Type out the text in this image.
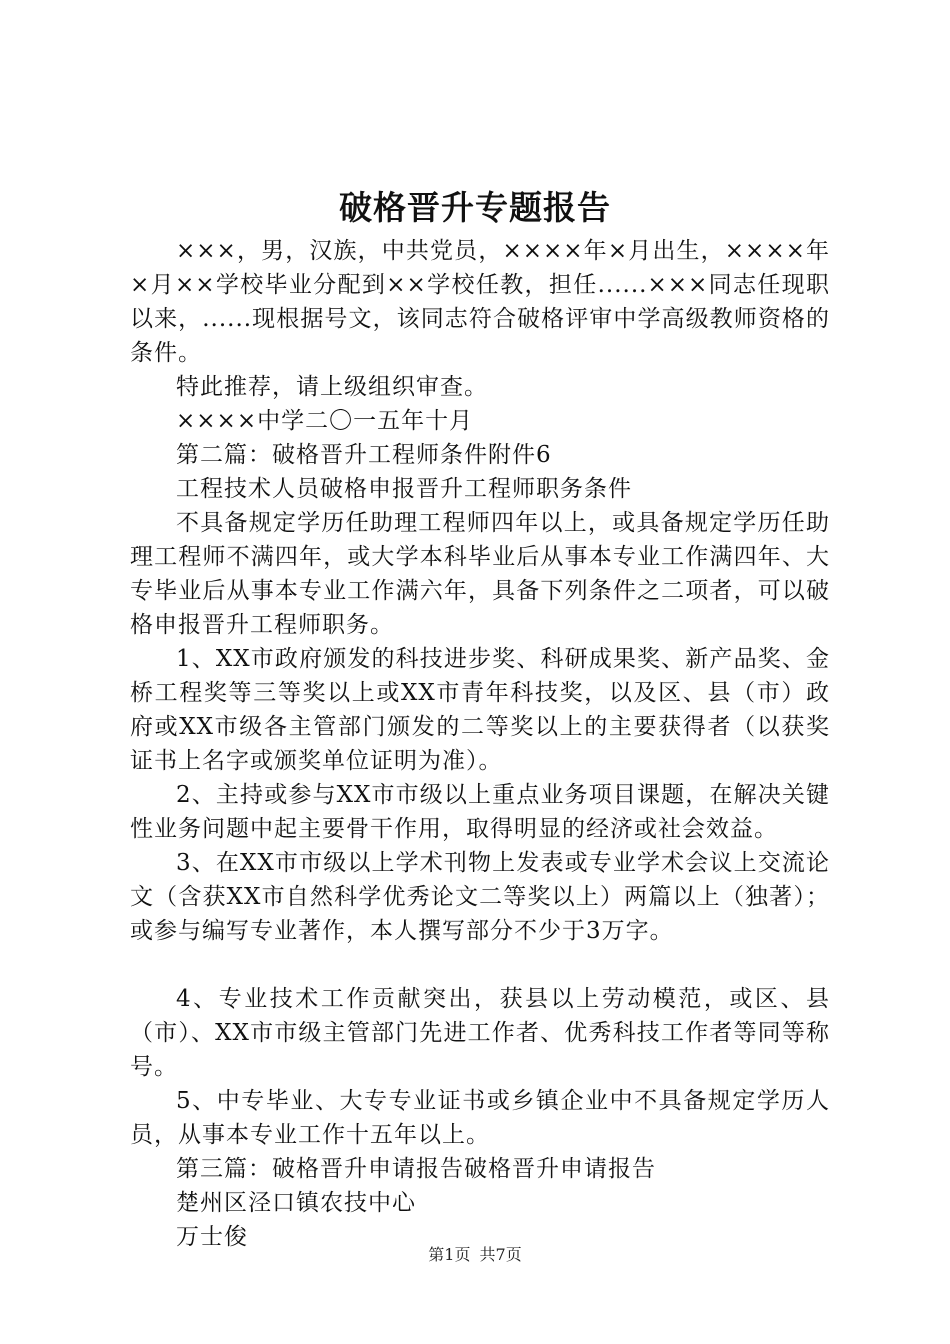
破格晋升专题报告

×××，男，汉族，中共党员，××××年×月出生，××××年×月××学校毕业分配到××学校任教，担任......×××同志任现职以来，......现根据号文，该同志符合破格评审中学高级教师资格的条件。

特此推荐，请上级组织审查。

××××中学二〇一五年十月

第二篇：破格晋升工程师条件附件6

工程技术人员破格申报晋升工程师职务条件

不具备规定学历任助理工程师四年以上，或具备规定学历任助理工程师不满四年，或大学本科毕业后从事本专业工作满四年、大专毕业后从事本专业工作满六年，具备下列条件之二项者，可以破格申报晋升工程师职务。

1、XX市政府颁发的科技进步奖、科研成果奖、新产品奖、金桥工程奖等三等奖以上或XX市青年科技奖，以及区、县（市）政府或XX市级各主管部门颁发的二等奖以上的主要获得者（以获奖证书上名字或颁奖单位证明为准）。

2、主持或参与XX市市级以上重点业务项目课题，在解决关键性业务问题中起主要骨干作用，取得明显的经济或社会效益。

3、在XX市市级以上学术刊物上发表或专业学术会议上交流论文（含获XX市自然科学优秀论文二等奖以上）两篇以上（独著）；或参与编写专业著作，本人撰写部分不少于3万字。

4、专业技术工作贡献突出，获县以上劳动模范，或区、县（市）、XX市市级主管部门先进工作者、优秀科技工作者等同等称号。

5、中专毕业、大专专业证书或乡镇企业中不具备规定学历人员，从事本专业工作十五年以上。

第三篇：破格晋升申请报告破格晋升申请报告

楚州区泾口镇农技中心

万士俊

第1页 共7页
